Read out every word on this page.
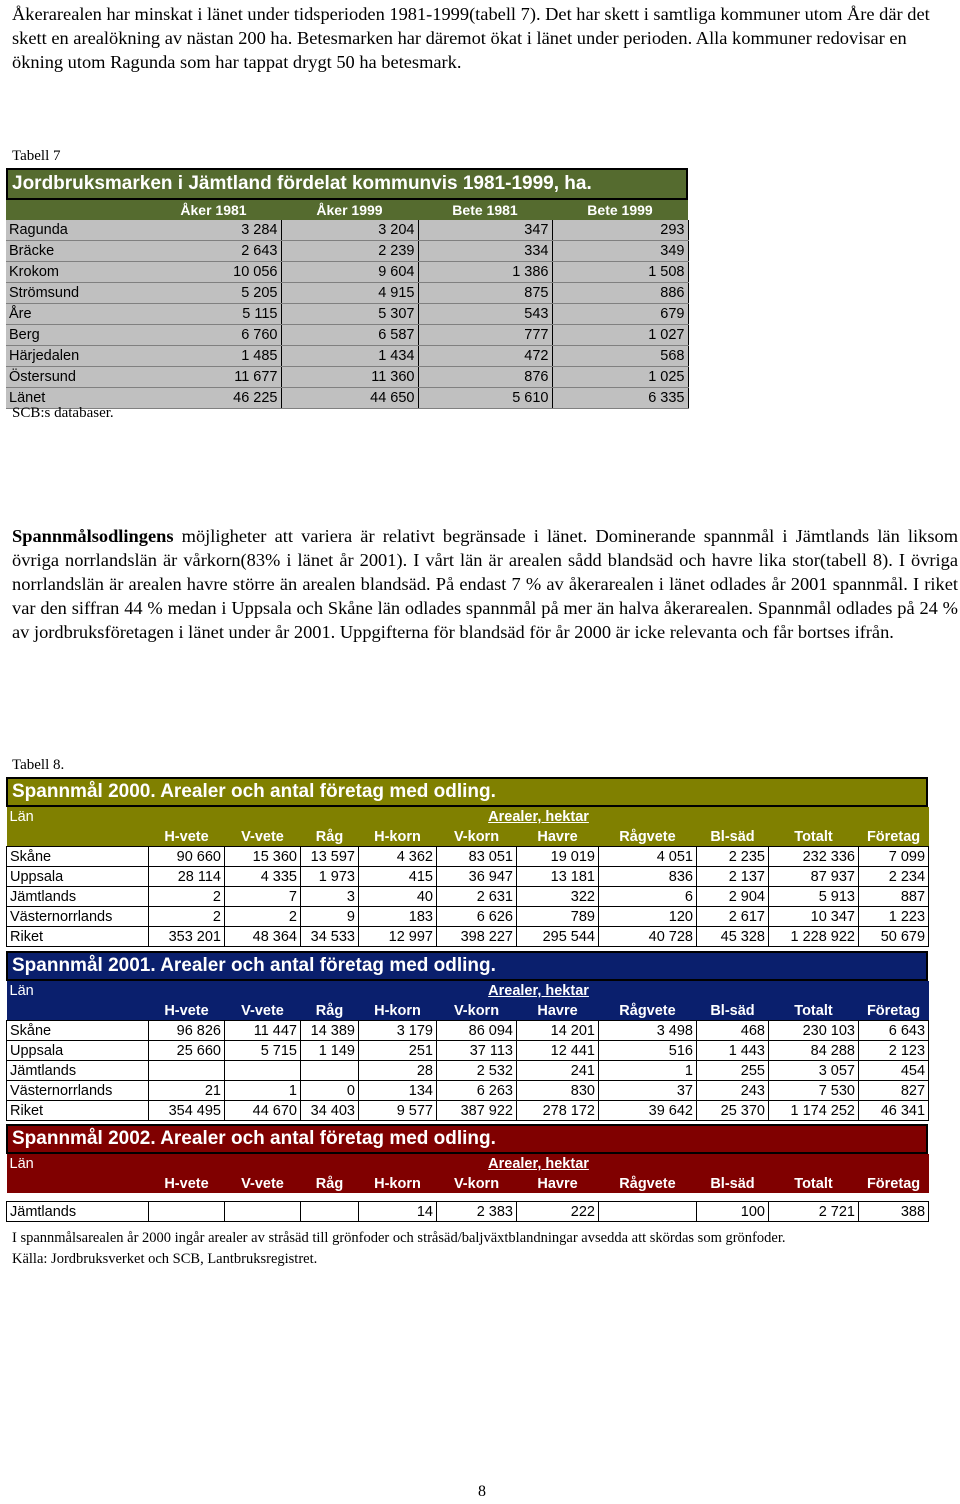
Åkerarealen har minskat i länet under tidsperioden 1981-1999(tabell 7). Det har skett i samtliga kommuner utom Åre där det skett en arealökning av nästan 200 ha. Betesmarken har däremot ökat i länet under perioden. Alla kommuner redovisar en ökning utom Ragunda som har tappat drygt 50 ha betesmark.

Tabell 7
Jordbruksmarken i Jämtland fördelat kommunvis 1981-1999, ha.
	Åker 1981	Åker 1999	Bete 1981	Bete 1999
Ragunda	3 284	3 204	347	293
Bräcke	2 643	2 239	334	349
Krokom	10 056	9 604	1 386	1 508
Strömsund	5 205	4 915	875	886
Åre	5 115	5 307	543	679
Berg	6 760	6 587	777	1 027
Härjedalen	1 485	1 434	472	568
Östersund	11 677	11 360	876	1 025
Länet	46 225	44 650	5 610	6 335
SCB:s databaser.

Spannmålsodlingens möjligheter att variera är relativt begränsade i länet. Dominerande spannmål i Jämtlands län liksom övriga norrlandslän är vårkorn(83% i länet år 2001). I vårt län är arealen sådd blandsäd och havre lika stor(tabell 8). I övriga norrlandslän är arealen havre större än arealen blandsäd. På endast 7 % av åkerarealen i länet odlades år 2001 spannmål. I riket var den siffran 44 % medan i Uppsala och Skåne län odlades spannmål på mer än halva åkerarealen. Spannmål odlades på 24 % av jordbruksföretagen i länet under år 2001. Uppgifterna för blandsäd för år 2000 är icke relevanta och får bortses ifrån.

Tabell 8.
Spannmål 2000. Arealer och antal företag med odling.
Län	Arealer, hektar									
	H-vete	V-vete	Råg	H-korn	V-korn	Havre	Rågvete	Bl-säd	Totalt	Företag
Skåne	90 660	15 360	13 597	4 362	83 051	19 019	4 051	2 235	232 336	7 099
Uppsala	28 114	4 335	1 973	415	36 947	13 181	836	2 137	87 937	2 234
Jämtlands	2	7	3	40	2 631	322	6	2 904	5 913	887
Västernorrlands	2	2	9	183	6 626	789	120	2 617	10 347	1 223
Riket	353 201	48 364	34 533	12 997	398 227	295 544	40 728	45 328	1 228 922	50 679
Spannmål 2001. Arealer och antal företag med odling.
Län	Arealer, hektar									
	H-vete	V-vete	Råg	H-korn	V-korn	Havre	Rågvete	Bl-säd	Totalt	Företag
Skåne	96 826	11 447	14 389	3 179	86 094	14 201	3 498	468	230 103	6 643
Uppsala	25 660	5 715	1 149	251	37 113	12 441	516	1 443	84 288	2 123
Jämtlands				28	2 532	241	1	255	3 057	454
Västernorrlands	21	1	0	134	6 263	830	37	243	7 530	827
Riket	354 495	44 670	34 403	9 577	387 922	278 172	39 642	25 370	1 174 252	46 341
Spannmål 2002. Arealer och antal företag med odling.
Län	Arealer, hektar									
	H-vete	V-vete	Råg	H-korn	V-korn	Havre	Rågvete	Bl-säd	Totalt	Företag

Jämtlands				14	2 383	222		100	2 721	388
I spannmålsarealen år 2000 ingår arealer av stråsäd till grönfoder och stråsäd/baljväxtblandningar avsedda att skördas som grönfoder.
Källa: Jordbruksverket och SCB, Lantbruksregistret.
8
